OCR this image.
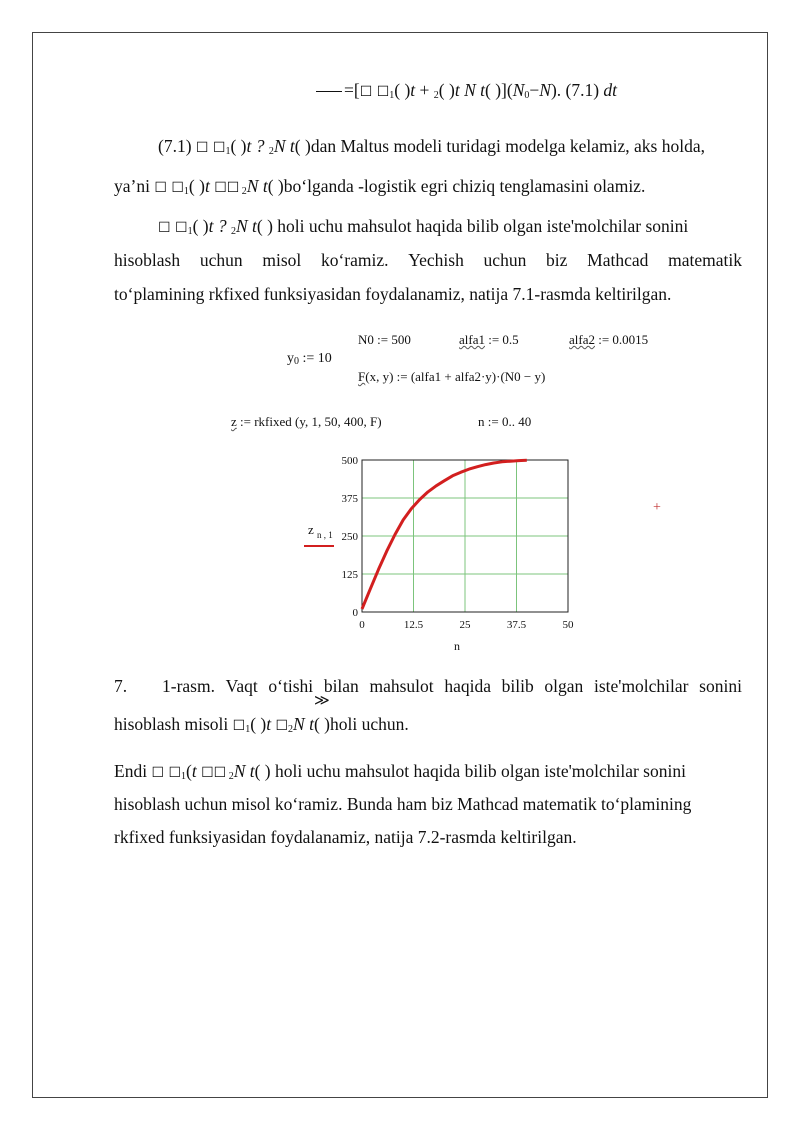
=[☐ $☐_1$( )t + $_2$( )t N t( )]$(N_0-N)$. (7.1) dt
(7.1) ☐ $☐_1$( )t ? $_2$N t( )dan Maltus modeli turidagi modelga kelamiz, aks holda,
ya’ni ☐ $☐_1$( )t ☐☐ $_2$N t( )bo‘lganda -logistik egri chiziq tenglamasini olamiz.
☐ $☐_1$( )t ? $_2$N t( ) holi uchu mahsulot haqida bilib olgan iste'molchilar sonini
hisoblash uchun misol ko‘ramiz. Yechish uchun biz Mathcad matematik
to‘plamining rkfixed funksiyasidan foydalanamiz, natija 7.1-rasmda keltirilgan.
N0 := 500	alfa1 := 0.5	alfa2 := 0.0015
$y_0$ := 10
F(x, y) := (alfa1 + alfa2·y)·(N0 − y)
z := rkfixed (y, 1, 50, 400, F)	n := 0.. 40
0	12.5	25	37.5	50
0
125
250
375
500
z n , 1
n
+
7. 1-rasm. Vaqt o‘tishi bilan mahsulot haqida bilib olgan iste'molchilar sonini
≫
hisoblash misoli $☐_1$( )t $☐_2N$ t( )holi uchun.
Endi ☐ $☐_1(t$ ☐☐ $_2$N t( ) holi uchu mahsulot haqida bilib olgan iste'molchilar sonini
hisoblash uchun misol ko‘ramiz. Bunda ham biz Mathcad matematik to‘plamining
rkfixed funksiyasidan foydalanamiz, natija 7.2-rasmda keltirilgan.
